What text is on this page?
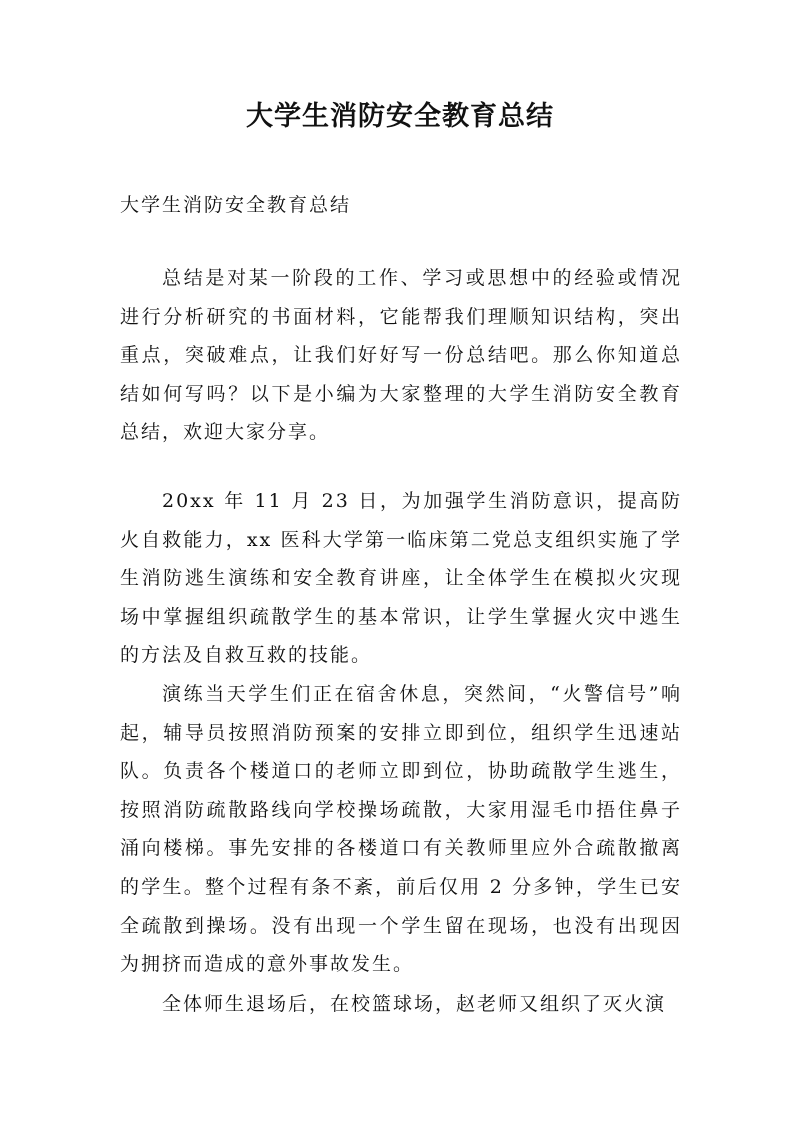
大学生消防安全教育总结

大学生消防安全教育总结

总结是对某一阶段的工作、学习或思想中的经验或情况进行分析研究的书面材料，它能帮我们理顺知识结构，突出重点，突破难点，让我们好好写一份总结吧。那么你知道总结如何写吗？以下是小编为大家整理的大学生消防安全教育总结，欢迎大家分享。

20xx 年 11 月 23 日，为加强学生消防意识，提高防火自救能力，xx 医科大学第一临床第二党总支组织实施了学生消防逃生演练和安全教育讲座，让全体学生在模拟火灾现场中掌握组织疏散学生的基本常识，让学生掌握火灾中逃生的方法及自救互救的技能。

演练当天学生们正在宿舍休息，突然间，“火警信号”响起，辅导员按照消防预案的安排立即到位，组织学生迅速站队。负责各个楼道口的老师立即到位，协助疏散学生逃生，按照消防疏散路线向学校操场疏散，大家用湿毛巾捂住鼻子涌向楼梯。事先安排的各楼道口有关教师里应外合疏散撤离的学生。整个过程有条不紊，前后仅用 2 分多钟，学生已安全疏散到操场。没有出现一个学生留在现场，也没有出现因为拥挤而造成的意外事故发生。

全体师生退场后，在校篮球场，赵老师又组织了灭火演
